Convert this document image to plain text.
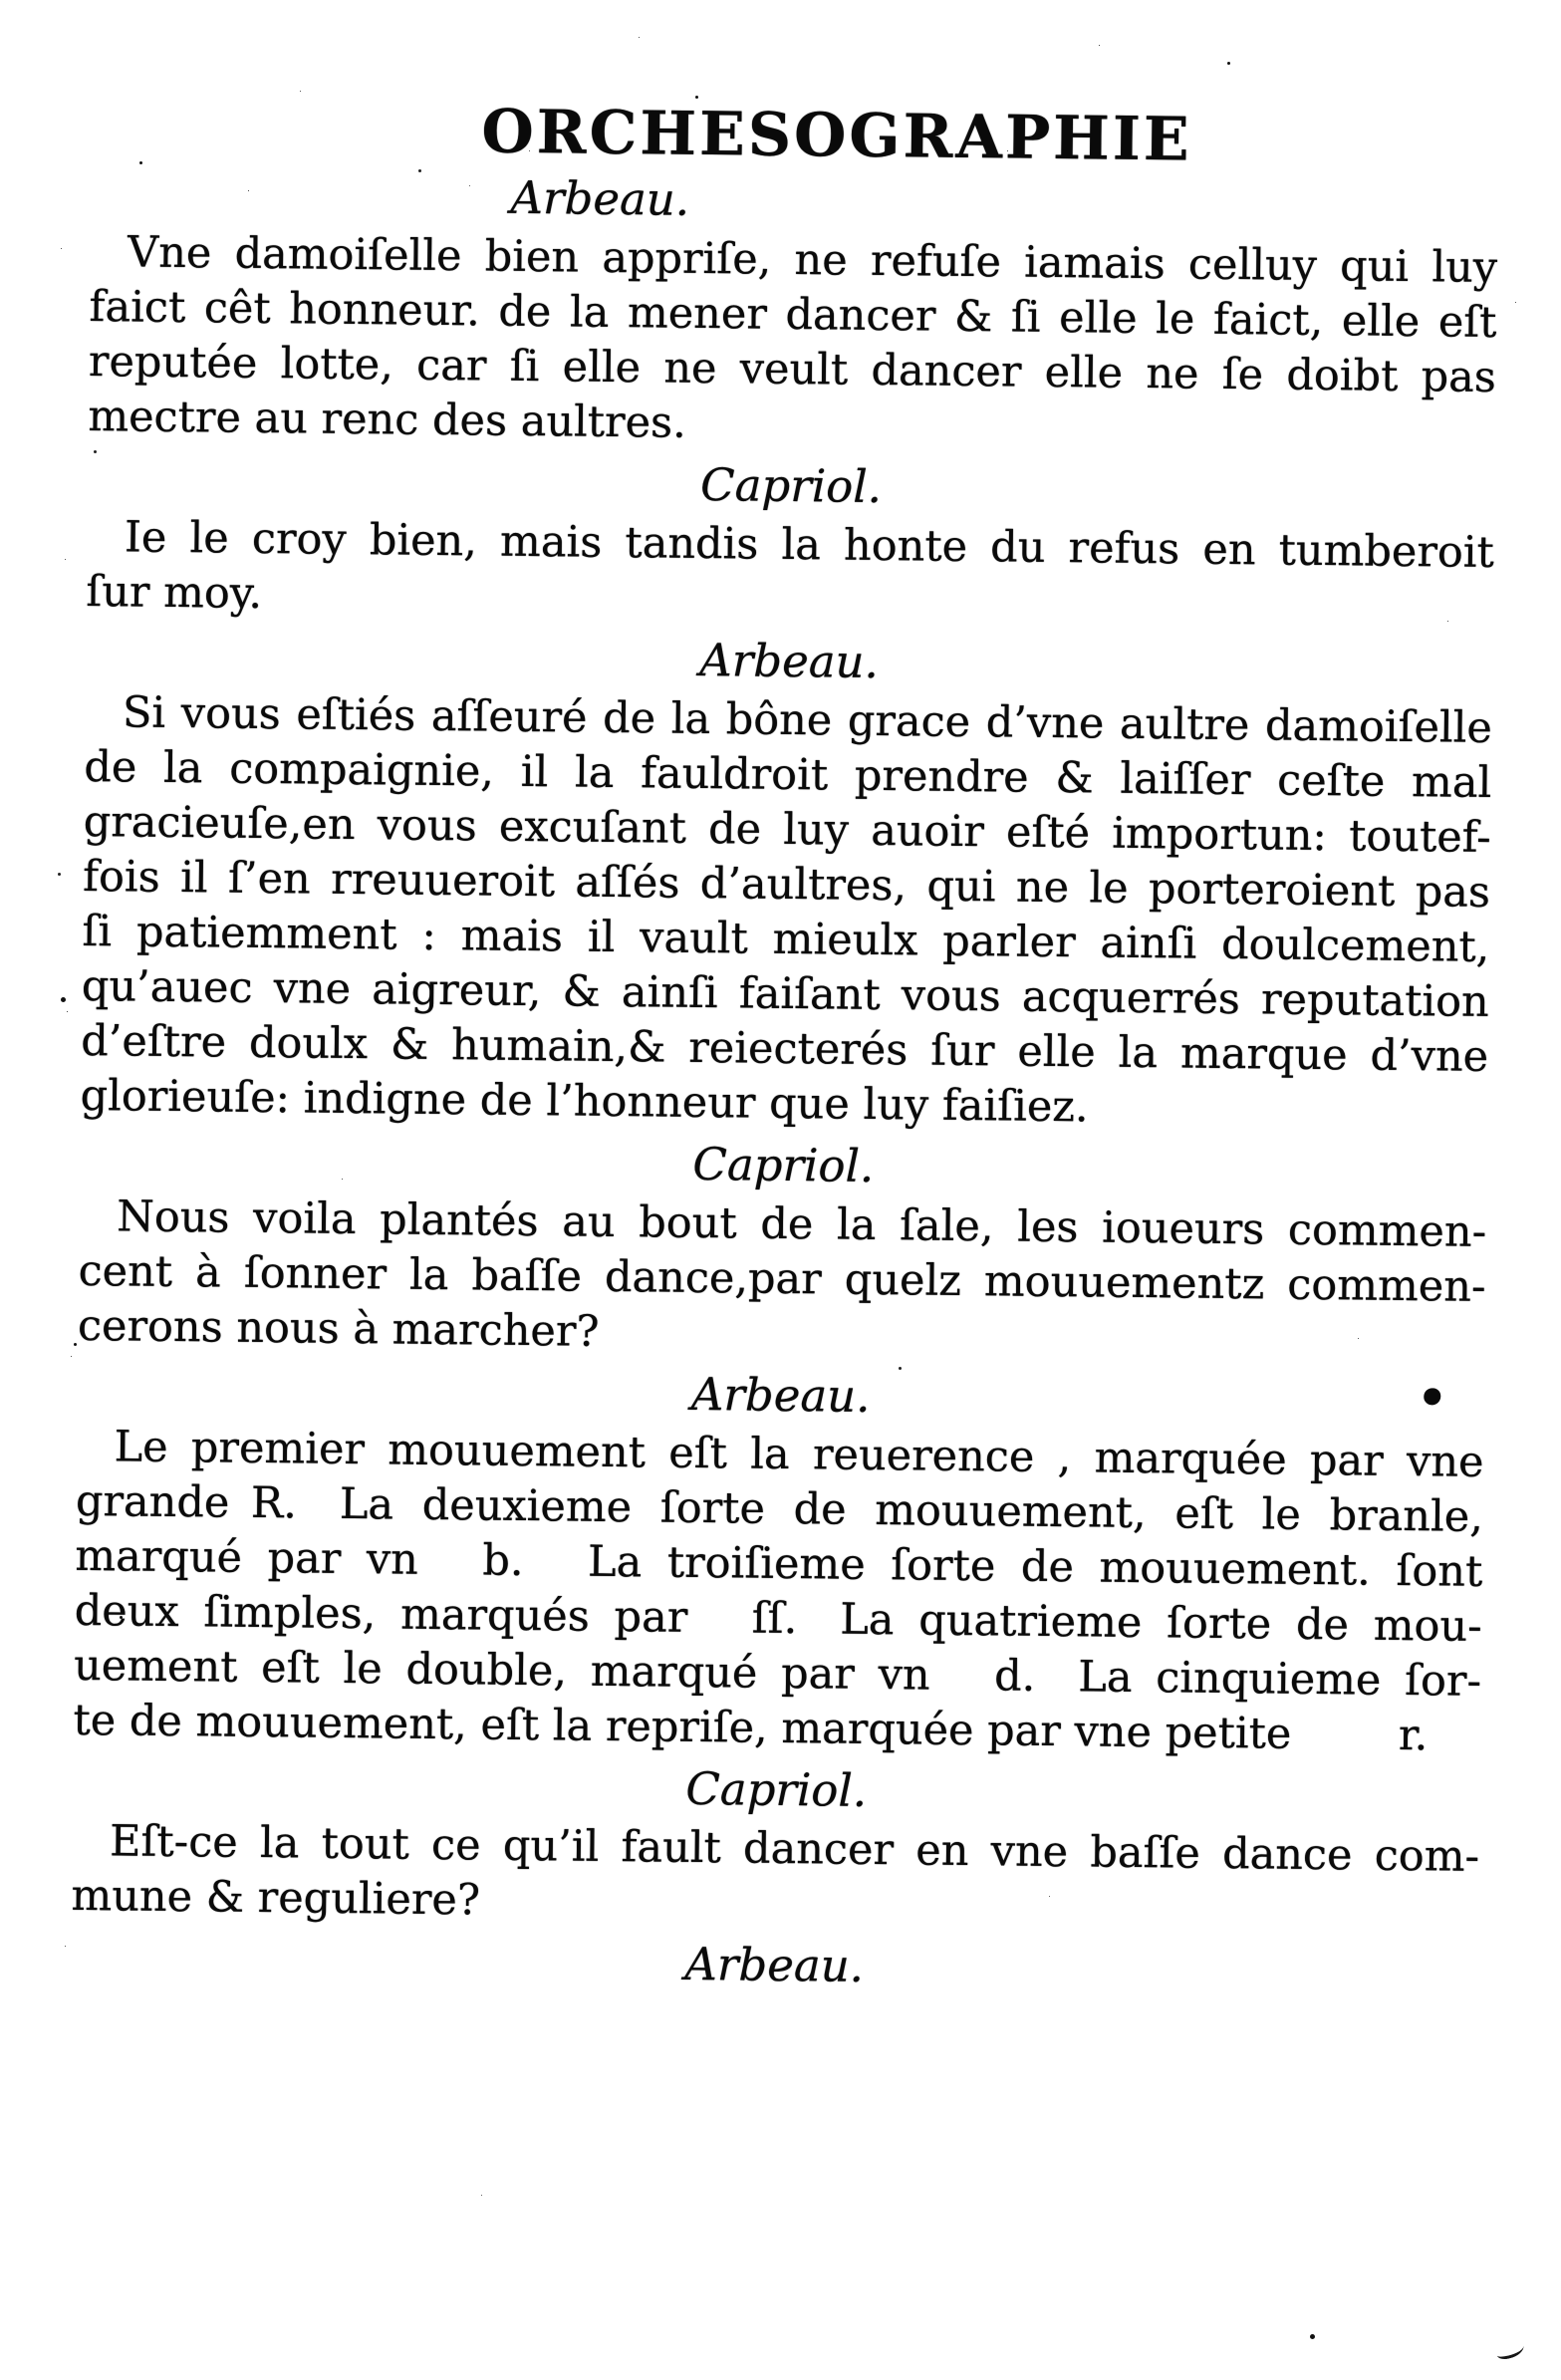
ORCHESOGRAPHIE
Arbeau.
Vne damoiſelle bien appriſe, ne refuſe iamais celluy qui luy
faict cêt honneur. de la mener dancer & ſi elle le faict, elle eſt
reputée lotte, car ſi elle ne veult dancer elle ne ſe doibt pas
mectre au renc des aultres.
Capriol.
Ie le croy bien, mais tandis la honte du refus en tumberoit
ſur moy.
Arbeau.
Si vous eſtiés aſſeuré de la bône grace d’vne aultre damoiſelle
de la compaignie, il la fauldroit prendre & laiſſer ceſte mal
gracieuſe,en vous excuſant de luy auoir eſté importun: toutef-
fois il ſ’en rreuueroit aſſés d’aultres, qui ne le porteroient pas
ſi patiemment : mais il vault mieulx parler ainſi doulcement,
qu’auec vne aigreur, & ainſi faiſant vous acquerrés reputation
d’eſtre doulx & humain,& reiecterés ſur elle la marque d’vne
glorieuſe: indigne de l’honneur que luy faiſiez.
Capriol.
Nous voila plantés au bout de la ſale, les ioueurs commen-
cent à ſonner la baſſe dance,par quelz mouuementz commen-
cerons nous à marcher?
Arbeau.
Le premier mouuement eſt la reuerence , marquée par vne
grande R. La deuxieme ſorte de mouuement, eſt le branle,
marqué par vn  b.  La troiſieme ſorte de mouuement. ſont
deux ſimples, marqués par  ſſ. La quatrieme ſorte de mou-
uement eſt le double, marqué par vn  d. La cinquieme ſor-
te de mouuement, eſt la repriſe, marquée par vne petite   r.
Capriol.
Eſt-ce la tout ce qu’il fault dancer en vne baſſe dance com-
mune & reguliere?
Arbeau.
